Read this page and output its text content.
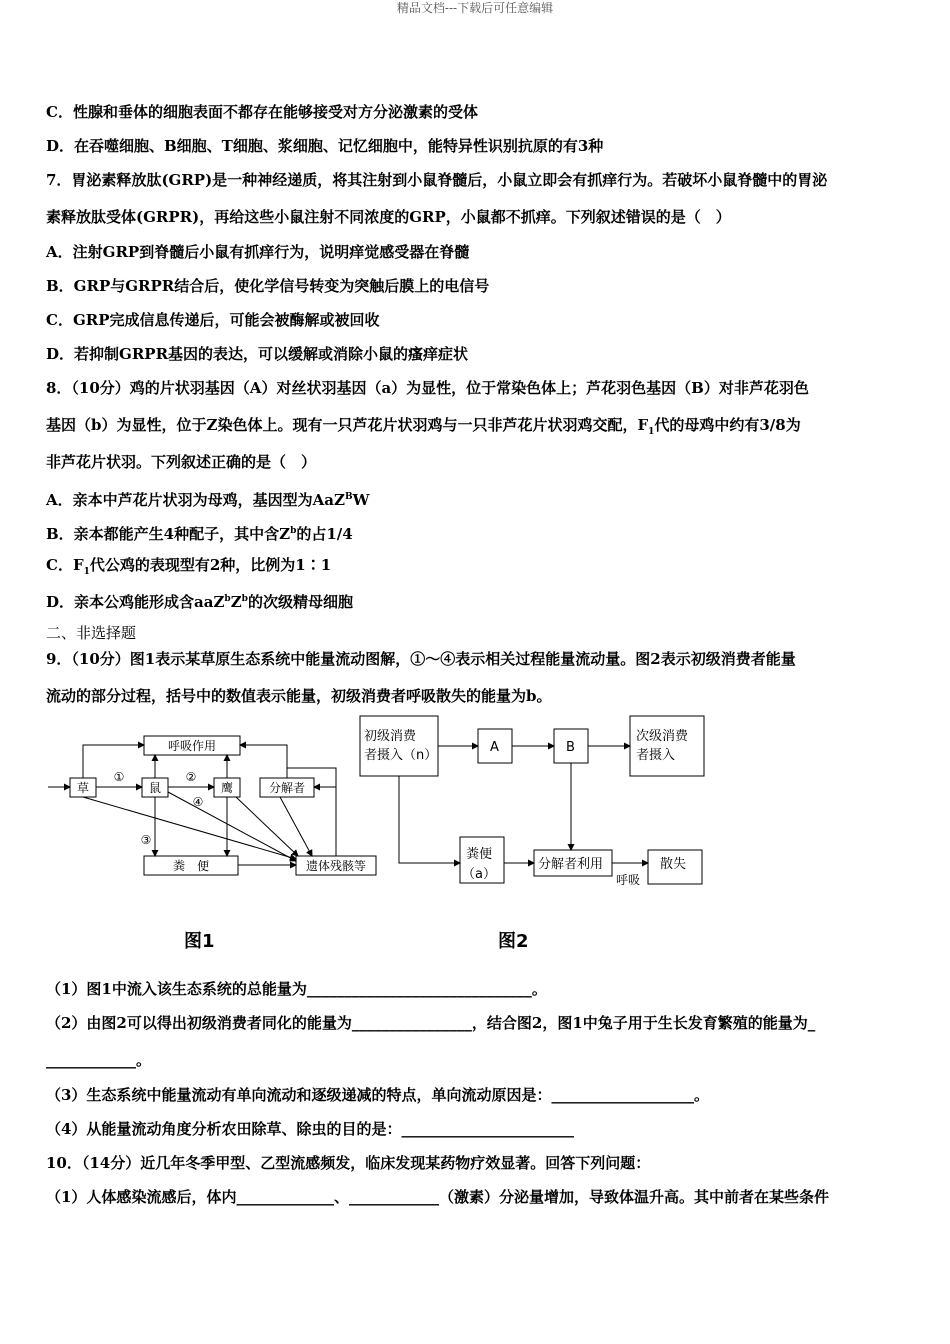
精品文档---下载后可任意编辑
C．性腺和垂体的细胞表面不都存在能够接受对方分泌激素的受体
D．在吞噬细胞、B细胞、T细胞、浆细胞、记忆细胞中，能特异性识别抗原的有3种
7．胃泌素释放肽(GRP)是一种神经递质，将其注射到小鼠脊髓后，小鼠立即会有抓痒行为。若破坏小鼠脊髓中的胃泌
素释放肽受体(GRPR)，再给这些小鼠注射不同浓度的GRP，小鼠都不抓痒。下列叙述错误的是（　）
A．注射GRP到脊髓后小鼠有抓痒行为，说明痒觉感受器在脊髓
B．GRP与GRPR结合后，使化学信号转变为突触后膜上的电信号
C．GRP完成信息传递后，可能会被酶解或被回收
D．若抑制GRPR基因的表达，可以缓解或消除小鼠的瘙痒症状
8．（10分）鸡的片状羽基因（A）对丝状羽基因（a）为显性，位于常染色体上；芦花羽色基因（B）对非芦花羽色
基因（b）为显性，位于Z染色体上。现有一只芦花片状羽鸡与一只非芦花片状羽鸡交配，$F_1$代的母鸡中约有3/8为
非芦花片状羽。下列叙述正确的是（　）
A．亲本中芦花片状羽为母鸡，基因型为AaZ$^B$W
B．亲本都能产生4种配子，其中含$Z^b$的占1/4
C．$F_1$代公鸡的表现型有2种，比例为1∶1
D．亲本公鸡能形成含$aaZ^bZ^b$的次级精母细胞
二、非选择题
9．（10分）图1表示某草原生态系统中能量流动图解，①～④表示相关过程能量流动量。图2表示初级消费者能量
流动的部分过程，括号中的数值表示能量，初级消费者呼吸散失的能量为b。
呼吸作用
草	鼠	鹰	分解者
粪　便	遗体残骸等
①	②
③
④
图1
初级消费
者摄入（n）
A	B
次级消费
者摄入
粪便
（a）
分解者利用	散失
呼吸
图2
（1）图1中流入该生态系统的总能量为______________________________。
（2）由图2可以得出初级消费者同化的能量为________________，结合图2，图1中兔子用于生长发育繁殖的能量为_
____________。
（3）生态系统中能量流动有单向流动和逐级递减的特点，单向流动原因是：___________________。
（4）从能量流动角度分析农田除草、除虫的目的是：_______________________
10．（14分）近几年冬季甲型、乙型流感频发，临床发现某药物疗效显著。回答下列问题：
（1）人体感染流感后，体内_____________、____________（激素）分泌量增加，导致体温升高。其中前者在某些条件
